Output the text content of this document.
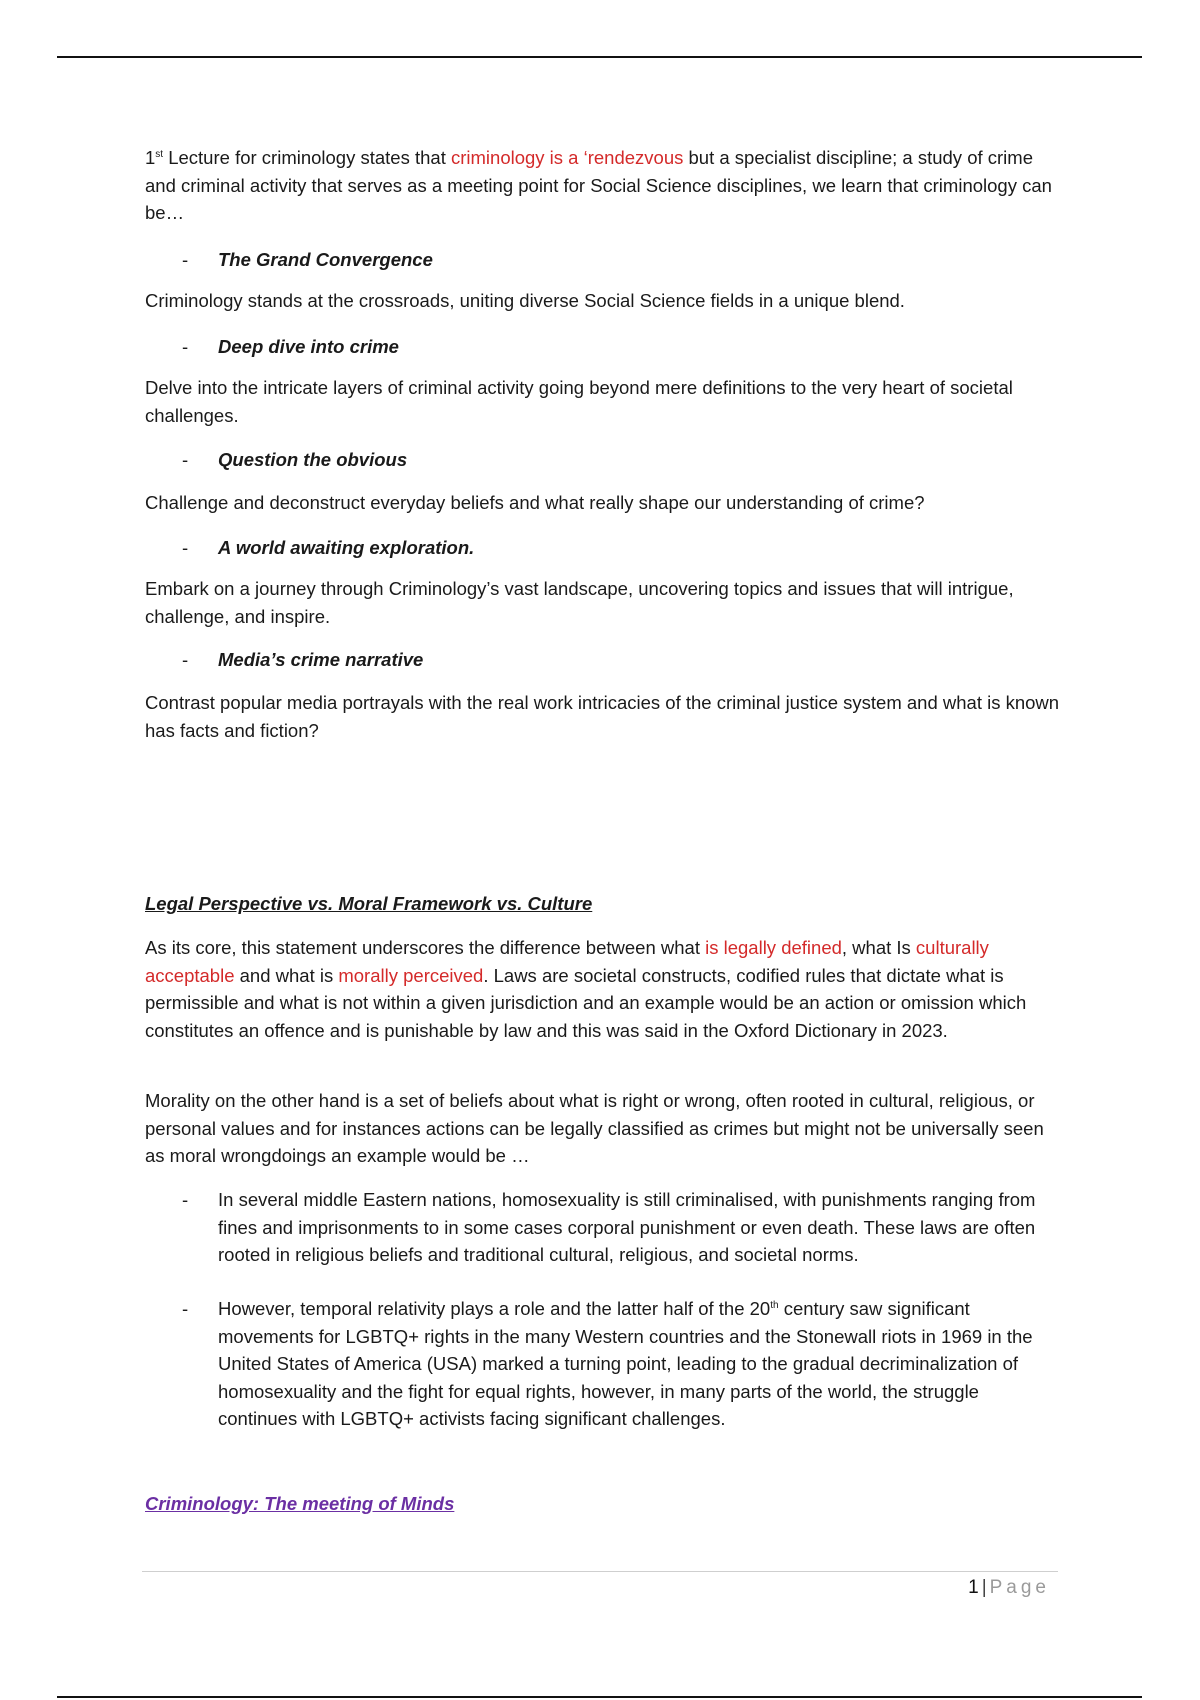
1st Lecture for criminology states that criminology is a ‘rendezvous but a specialist discipline; a study of crime and criminal activity that serves as a meeting point for Social Science disciplines, we learn that criminology can be…

- The Grand Convergence

Criminology stands at the crossroads, uniting diverse Social Science fields in a unique blend.

- Deep dive into crime

Delve into the intricate layers of criminal activity going beyond mere definitions to the very heart of societal challenges.

- Question the obvious

Challenge and deconstruct everyday beliefs and what really shape our understanding of crime?

- A world awaiting exploration.

Embark on a journey through Criminology’s vast landscape, uncovering topics and issues that will intrigue, challenge, and inspire.

- Media’s crime narrative

Contrast popular media portrayals with the real work intricacies of the criminal justice system and what is known has facts and fiction?

Legal Perspective vs. Moral Framework vs. Culture

As its core, this statement underscores the difference between what is legally defined, what Is culturally acceptable and what is morally perceived. Laws are societal constructs, codified rules that dictate what is permissible and what is not within a given jurisdiction and an example would be an action or omission which constitutes an offence and is punishable by law and this was said in the Oxford Dictionary in 2023.

Morality on the other hand is a set of beliefs about what is right or wrong, often rooted in cultural, religious, or personal values and for instances actions can be legally classified as crimes but might not be universally seen as moral wrongdoings an example would be …

- In several middle Eastern nations, homosexuality is still criminalised, with punishments ranging from fines and imprisonments to in some cases corporal punishment or even death. These laws are often rooted in religious beliefs and traditional cultural, religious, and societal norms.

- However, temporal relativity plays a role and the latter half of the 20th century saw significant movements for LGBTQ+ rights in the many Western countries and the Stonewall riots in 1969 in the United States of America (USA) marked a turning point, leading to the gradual decriminalization of homosexuality and the fight for equal rights, however, in many parts of the world, the struggle continues with LGBTQ+ activists facing significant challenges.

Criminology: The meeting of Minds
1 | Page
